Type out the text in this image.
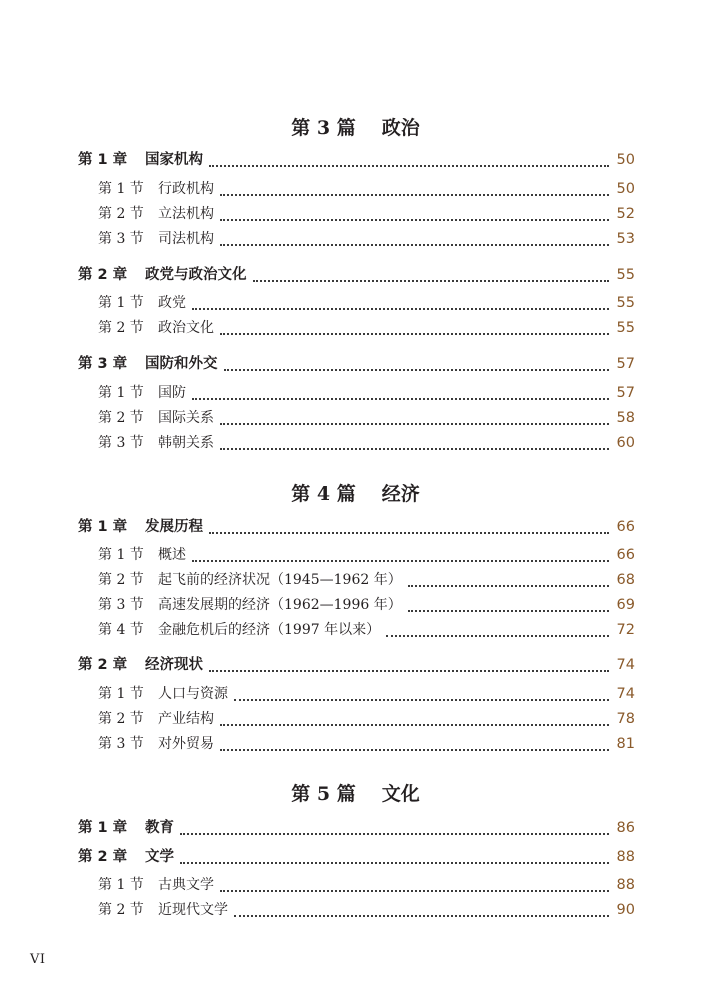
第 3 篇 政治
第 1 章	国家机构	50
第 1 节	行政机构	50
第 2 节	立法机构	52
第 3 节	司法机构	53
第 2 章	政党与政治文化	55
第 1 节	政党	55
第 2 节	政治文化	55
第 3 章	国防和外交	57
第 1 节	国防	57
第 2 节	国际关系	58
第 3 节	韩朝关系	60
第 4 篇 经济
第 1 章	发展历程	66
第 1 节	概述	66
第 2 节	起飞前的经济状况（1945—1962 年）	68
第 3 节	高速发展期的经济（1962—1996 年）	69
第 4 节	金融危机后的经济（1997 年以来）	72
第 2 章	经济现状	74
第 1 节	人口与资源	74
第 2 节	产业结构	78
第 3 节	对外贸易	81
第 5 篇 文化
第 1 章	教育	86
第 2 章	文学	88
第 1 节	古典文学	88
第 2 节	近现代文学	90
VI
